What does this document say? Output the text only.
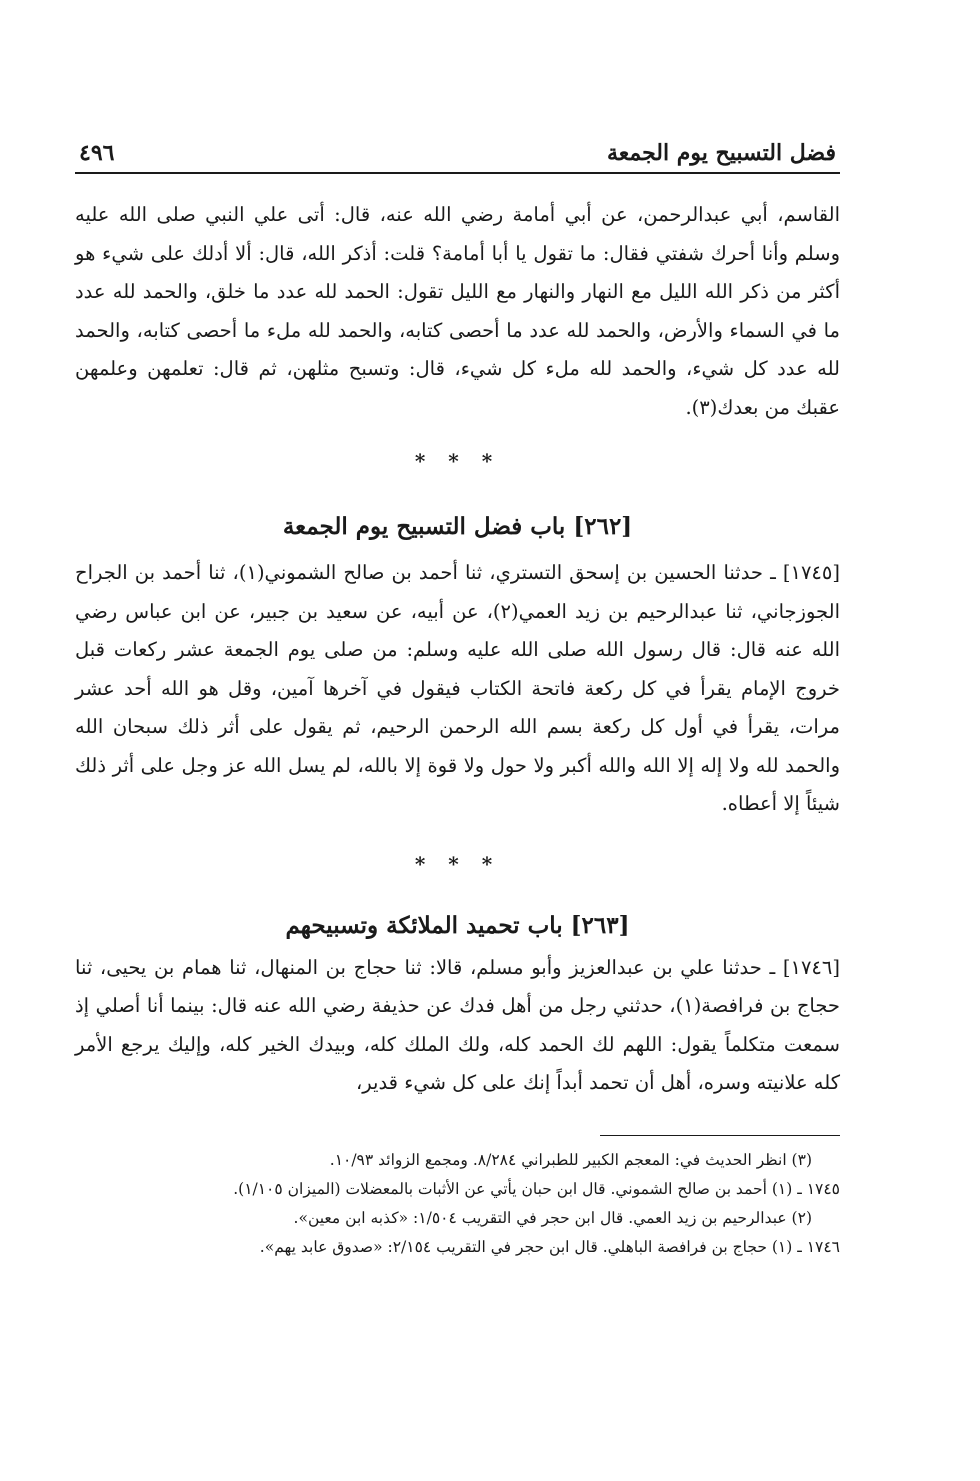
فضل التسبيح يوم الجمعة
٤٩٦

القاسم، أبي عبدالرحمن، عن أبي أمامة رضي الله عنه، قال: أتى علي النبي صلى الله عليه وسلم وأنا أحرك شفتي فقال: ما تقول يا أبا أمامة؟ قلت: أذكر الله، قال: ألا أدلك على شيء هو أكثر من ذكر الله الليل مع النهار والنهار مع الليل تقول: الحمد لله عدد ما خلق، والحمد لله عدد ما في السماء والأرض، والحمد لله عدد ما أحصى كتابه، والحمد لله ملء ما أحصى كتابه، والحمد لله عدد كل شيء، والحمد لله ملء كل شيء، قال: وتسبح مثلهن، ثم قال: تعلمهن وعلمهن عقبك من بعدك(٣).

* * *
[٢٦٢] باب فضل التسبيح يوم الجمعة

[١٧٤٥] ـ حدثنا الحسين بن إسحق التستري، ثنا أحمد بن صالح الشموني(١)، ثنا أحمد بن الجراح الجوزجاني، ثنا عبدالرحيم بن زيد العمي(٢)، عن أبيه، عن سعيد بن جبير، عن ابن عباس رضي الله عنه قال: قال رسول الله صلى الله عليه وسلم: من صلى يوم الجمعة عشر ركعات قبل خروج الإمام يقرأ في كل ركعة فاتحة الكتاب فيقول في آخرها آمين، وقل هو الله أحد عشر مرات، يقرأ في أول كل ركعة بسم الله الرحمن الرحيم، ثم يقول على أثر ذلك سبحان الله والحمد لله ولا إله إلا الله والله أكبر ولا حول ولا قوة إلا بالله، لم يسل الله عز وجل على أثر ذلك شيئاً إلا أعطاه.

* * *
[٢٦٣] باب تحميد الملائكة وتسبيحهم

[١٧٤٦] ـ حدثنا علي بن عبدالعزيز وأبو مسلم، قالا: ثنا حجاج بن المنهال، ثنا همام بن يحيى، ثنا حجاج بن فرافصة(١)، حدثني رجل من أهل فدك عن حذيفة رضي الله عنه قال: بينما أنا أصلي إذ سمعت متكلماً يقول: اللهم لك الحمد كله، ولك الملك كله، وبيدك الخير كله، وإليك يرجع الأمر كله علانيته وسره، أهل أن تحمد أبداً إنك على كل شيء قدير،

(٣) انظر الحديث في: المعجم الكبير للطبراني ٨/٢٨٤. ومجمع الزوائد ١٠/٩٣.

١٧٤٥ ـ (١) أحمد بن صالح الشموني. قال ابن حبان يأتي عن الأثبات بالمعضلات (الميزان ١/١٠٥).

(٢) عبدالرحيم بن زيد العمي. قال ابن حجر في التقريب ١/٥٠٤: «كذبه ابن معين».

١٧٤٦ ـ (١) حجاج بن فرافصة الباهلي. قال ابن حجر في التقريب ٢/١٥٤: «صدوق عابد يهم».
